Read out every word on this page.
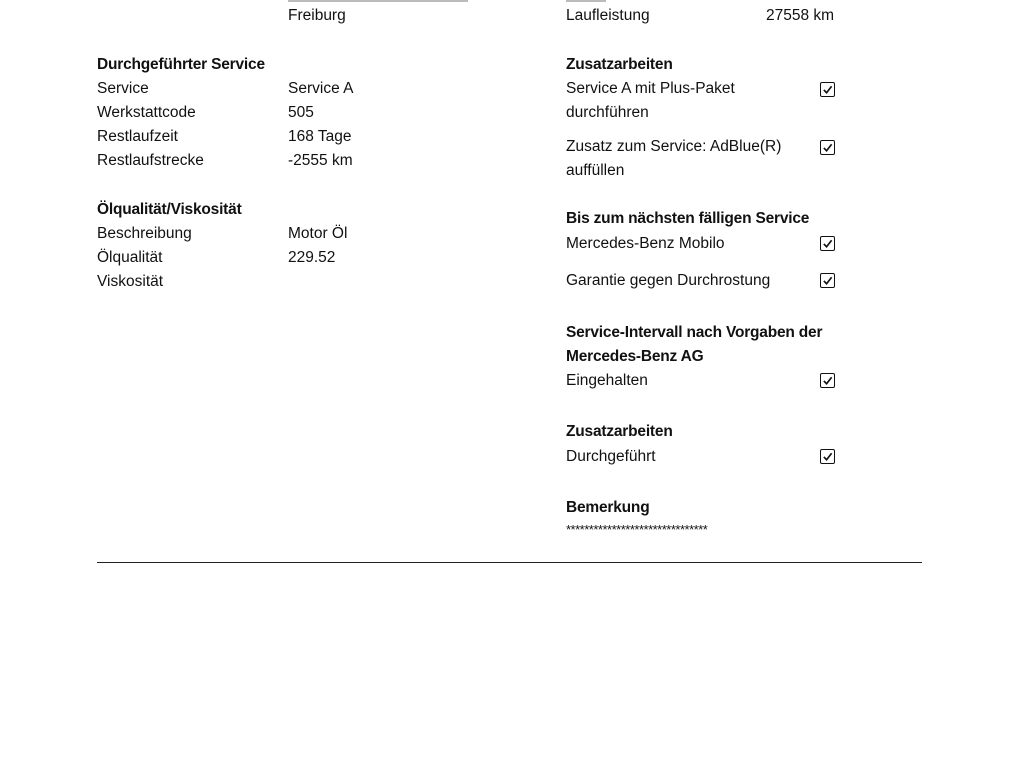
Freiburg	Laufleistung	27558 km
Durchgeführter Service
Service	Service A
Werkstattcode	505
Restlaufzeit	168 Tage
Restlaufstrecke	-2555 km
Ölqualität/Viskosität
Beschreibung	Motor Öl
Ölqualität	229.52
Viskosität
Zusatzarbeiten
Service A mit Plus-Paket durchführen
Zusatz zum Service: AdBlue(R) auffüllen
Bis zum nächsten fälligen Service
Mercedes-Benz Mobilo
Garantie gegen Durchrostung
Service-Intervall nach Vorgaben der Mercedes-Benz AG
Eingehalten
Zusatzarbeiten
Durchgeführt
Bemerkung
*******************************
